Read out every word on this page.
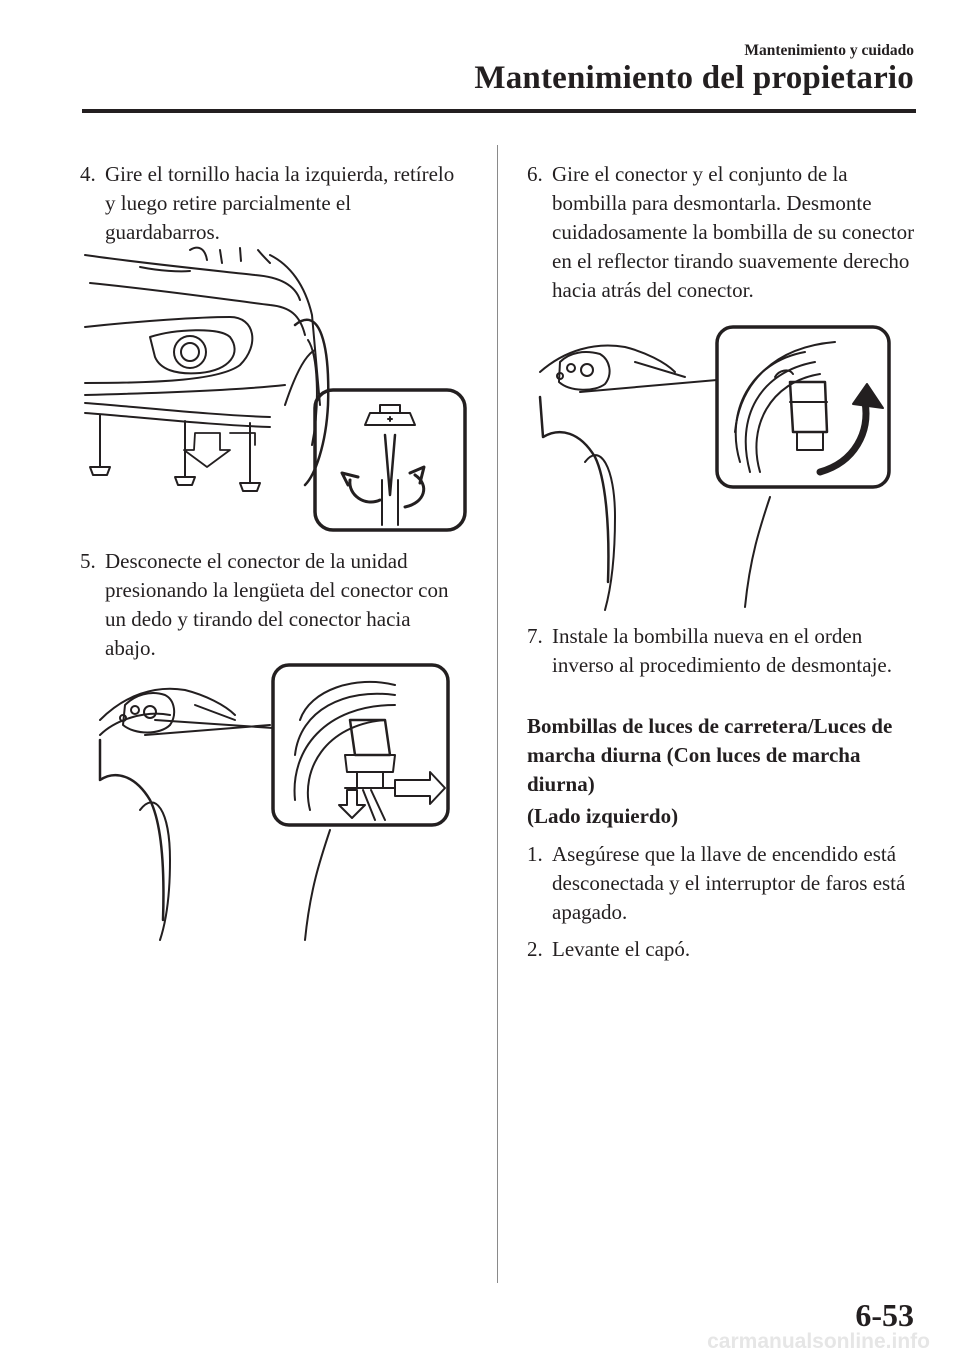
Mantenimiento y cuidado
Mantenimiento del propietario
4. Gire el tornillo hacia la izquierda, retírelo y luego retire parcialmente el guardabarros.
5. Desconecte el conector de la unidad presionando la lengüeta del conector con un dedo y tirando del conector hacia abajo.
6. Gire el conector y el conjunto de la bombilla para desmontarla. Desmonte cuidadosamente la bombilla de su conector en el reflector tirando suavemente derecho hacia atrás del conector.
7. Instale la bombilla nueva en el orden inverso al procedimiento de desmontaje.
Bombillas de luces de carretera/Luces de marcha diurna (Con luces de marcha diurna)
(Lado izquierdo)
1. Asegúrese que la llave de encendido está desconectada y el interruptor de faros está apagado.
2. Levante el capó.
6-53
carmanualsonline.info
